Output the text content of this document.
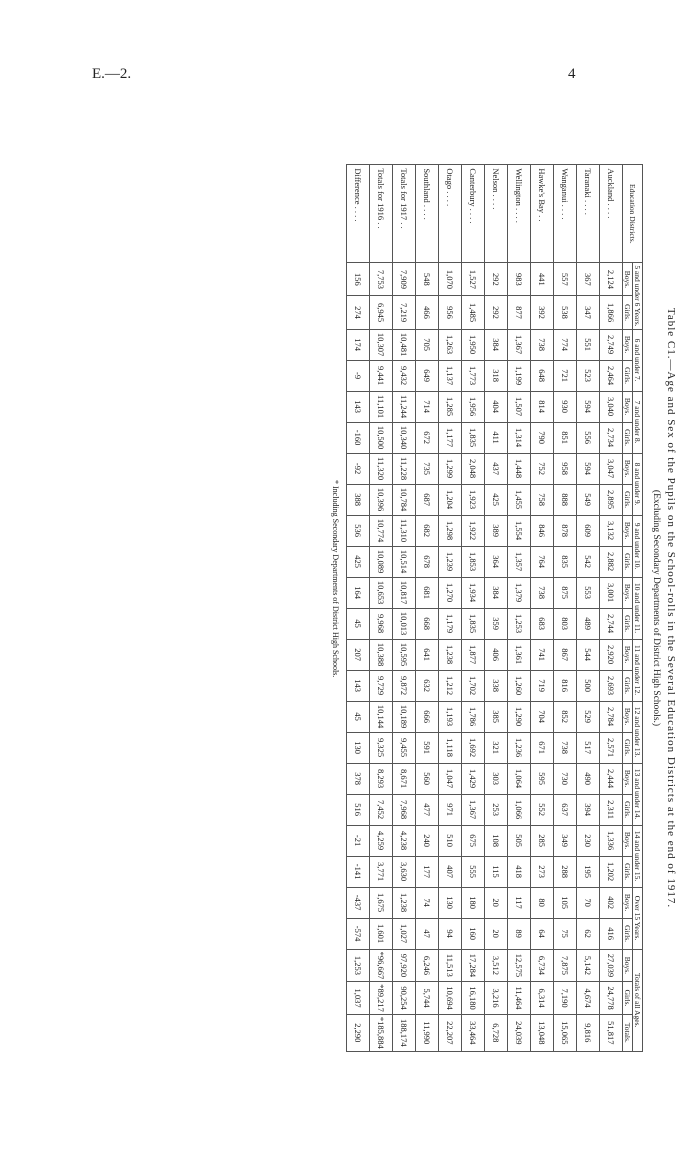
E.—2.	4
Table C1.—Age and Sex of the Pupils on the School-rolls in the Several Education Districts at the end of 1917.
(Excluding Secondary Departments of District High Schools.)
Education Districts.	5 and under 6 Years.		6 and under 7.		7 and under 8.		8 and under 9.		9 and under 10.		10 and under 11.		11 and under 12.		12 and under 13.		13 and under 14.		14 and under 15.		Over 15 Years.		Totals of all Ages.		
	Boys.	Girls.	Boys.	Girls.	Boys.	Girls.	Boys.	Girls.	Boys.	Girls.	Boys.	Girls.	Boys.	Girls.	Boys.	Girls.	Boys.	Girls.	Boys.	Girls.	Boys.	Girls.	Boys.	Girls.	Totals.
Auckland . . . .	2,124	1,866	2,749	2,464	3,040	2,734	3,047	2,895	3,132	2,882	3,001	2,744	2,920	2,693	2,784	2,571	2,444	2,311	1,336	1,202	402	416	27,039	24,778	51,817
Taranaki . . . .	367	347	551	523	594	556	594	549	609	542	553	489	544	500	529	517	490	394	230	195	70	62	5,142	4,674	9,816
Wanganui . . . .	557	538	774	721	930	851	958	888	878	835	875	803	867	816	852	738	730	637	349	288	105	75	7,875	7,190	15,065
Hawke's Bay . .	441	392	738	648	814	790	752	758	846	764	738	683	741	719	704	671	595	552	285	273	80	64	6,734	6,314	13,048
Wellington . . . .	983	877	1,367	1,199	1,507	1,314	1,448	1,455	1,554	1,357	1,379	1,253	1,361	1,260	1,290	1,236	1,064	1,066	505	418	117	89	12,575	11,464	24,039
Nelson . . . .	292	292	384	318	404	411	437	425	389	364	384	359	406	338	385	321	303	253	108	115	20	20	3,512	3,216	6,728
Canterbury . . . .	1,527	1,485	1,950	1,773	1,956	1,835	2,048	1,923	1,922	1,853	1,934	1,835	1,877	1,702	1,786	1,692	1,429	1,367	675	555	180	160	17,284	16,180	33,464
Otago . . . .	1,070	956	1,263	1,137	1,285	1,177	1,299	1,204	1,298	1,239	1,270	1,179	1,238	1,212	1,193	1,118	1,047	971	510	407	130	94	11,513	10,694	22,207
Southland . . . .	548	466	705	649	714	672	735	687	682	678	681	668	641	632	666	591	560	477	240	177	74	47	6,246	5,744	11,990
Totals for 1917 . .	7,909	7,219	10,481	9,432	11,244	10,340	11,228	10,784	11,310	10,514	10,817	10,013	10,595	9,872	10,189	9,455	8,671	7,968	4,238	3,630	1,238	1,027	97,920	90,254	188,174
Totals for 1916 . .	7,753	6,945	10,307	9,441	11,101	10,500	11,320	10,396	10,774	10,089	10,653	9,968	10,388	9,729	10,144	9,325	8,293	7,452	4,259	3,771	1,675	1,601	*96,667	*89,217	*185,884
Difference . . . .	156	274	174	-9	143	-160	-92	388	536	425	164	45	207	143	45	130	378	516	-21	-141	-437	-574	1,253	1,037	2,290
* Including Secondary Departments of District High Schools.
